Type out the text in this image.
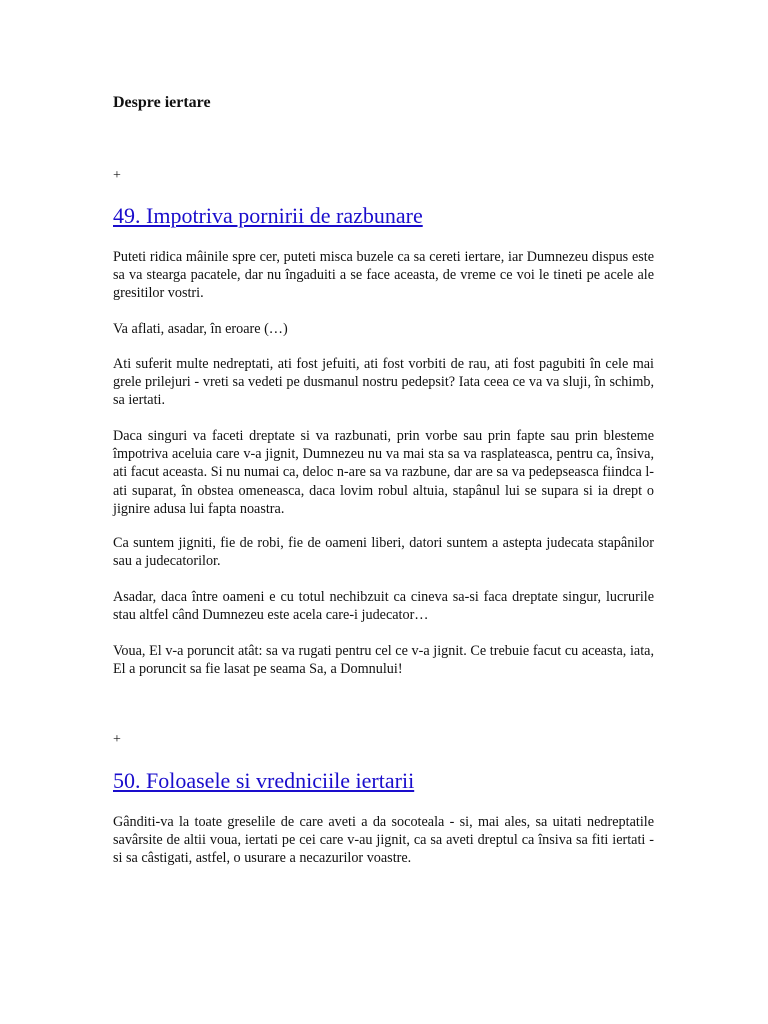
Despre iertare
+
49. Impotriva pornirii de razbunare

Puteti ridica mâinile spre cer, puteti misca buzele ca sa cereti iertare, iar Dumnezeu dispus este sa va stearga pacatele, dar nu îngaduiti a se face aceasta, de vreme ce voi le tineti pe acele ale gresitilor vostri.

Va aflati, asadar, în eroare (…)

Ati suferit multe nedreptati, ati fost jefuiti, ati fost vorbiti de rau, ati fost pagubiti în cele mai grele prilejuri - vreti sa vedeti pe dusmanul nostru pedepsit? Iata ceea ce va va sluji, în schimb, sa iertati.

Daca singuri va faceti dreptate si va razbunati, prin vorbe sau prin fapte sau prin blesteme împotriva aceluia care v-a jignit, Dumnezeu nu va mai sta sa va rasplateasca, pentru ca, însiva, ati facut aceasta. Si nu numai ca, deloc n-are sa va razbune, dar are sa va pedepseasca fiindca l-ati suparat, în obstea omeneasca, daca lovim robul altuia, stapânul lui se supara si ia drept o jignire adusa lui fapta noastra.

Ca suntem jigniti, fie de robi, fie de oameni liberi, datori suntem a astepta judecata stapânilor sau a judecatorilor.

Asadar, daca între oameni e cu totul nechibzuit ca cineva sa-si faca dreptate singur, lucrurile stau altfel când Dumnezeu este acela care-i judecator…

Voua, El v-a poruncit atât: sa va rugati pentru cel ce v-a jignit. Ce trebuie facut cu aceasta, iata, El a poruncit sa fie lasat pe seama Sa, a Domnului!

+
50. Foloasele si vredniciile iertarii

Gânditi-va la toate greselile de care aveti a da socoteala - si, mai ales, sa uitati nedreptatile savârsite de altii voua, iertati pe cei care v-au jignit, ca sa aveti dreptul ca însiva sa fiti iertati - si sa câstigati, astfel, o usurare a necazurilor voastre.
